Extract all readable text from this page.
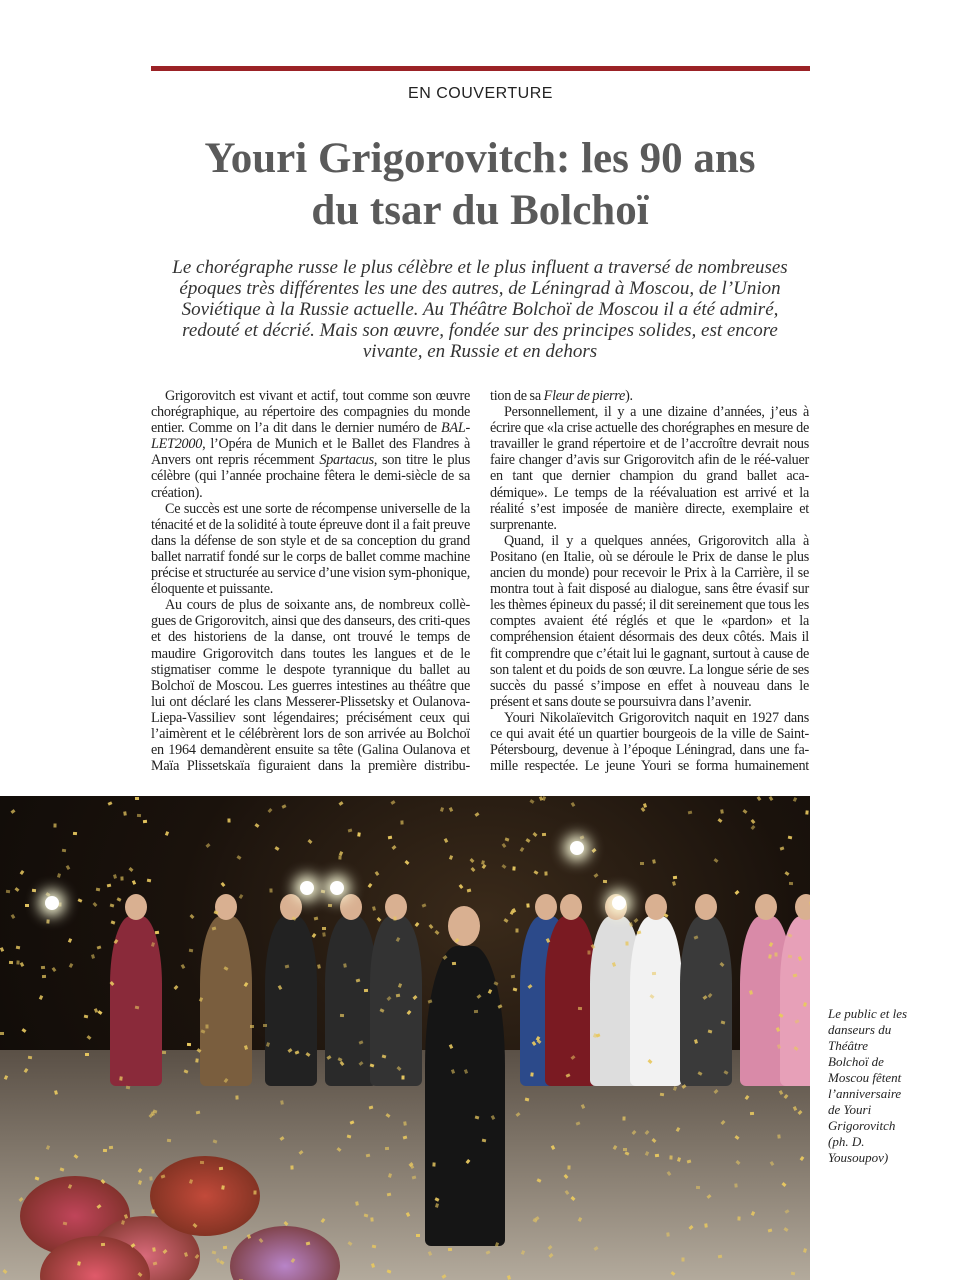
EN COUVERTURE
Youri Grigorovitch: les 90 ans
du tsar du Bolchoï

Le chorégraphe russe le plus célèbre et le plus influent a traversé de nombreuses époques très différentes les une des autres, de Léningrad à Moscou, de l’Union Soviétique à la Russie actuelle. Au Théâtre Bolchoï de Moscou il a été admiré, redouté et décrié. Mais son œuvre, fondée sur des principes solides, est encore vivante, en Russie et en dehors

Grigorovitch est vivant et actif, tout comme son œuvre chorégraphique, au répertoire des compagnies du monde entier. Comme on l’a dit dans le dernier numéro de BAL-LET2000, l’Opéra de Munich et le Ballet des Flandres à Anvers ont repris récemment Spartacus, son titre le plus célèbre (qui l’année prochaine fêtera le demi-siècle de sa création).

Ce succès est une sorte de récompense universelle de la ténacité et de la solidité à toute épreuve dont il a fait preuve dans la défense de son style et de sa conception du grand ballet narratif fondé sur le corps de ballet comme machine précise et structurée au service d’une vision sym-phonique, éloquente et puissante.

Au cours de plus de soixante ans, de nombreux collè-gues de Grigorovitch, ainsi que des danseurs, des criti-ques et des historiens de la danse, ont trouvé le temps de maudire Grigorovitch dans toutes les langues et de le stigmatiser comme le despote tyrannique du ballet au Bolchoï de Moscou. Les guerres intestines au théâtre que lui ont déclaré les clans Messerer-Plissetsky et Oulanova-Liepa-Vassiliev sont légendaires; précisément ceux qui l’aimèrent et le célébrèrent lors de son arrivée au Bolchoï en 1964 demandèrent ensuite sa tête (Galina Oulanova et Maïa Plissetskaïa figuraient dans la première distribu-

tion de sa Fleur de pierre).

Personnellement, il y a une dizaine d’années, j’eus à écrire que «la crise actuelle des chorégraphes en mesure de travailler le grand répertoire et de l’accroître devrait nous faire changer d’avis sur Grigorovitch afin de le réé-valuer en tant que dernier champion du grand ballet aca-démique». Le temps de la réévaluation est arrivé et la réalité s’est imposée de manière directe, exemplaire et surprenante.

Quand, il y a quelques années, Grigorovitch alla à Positano (en Italie, où se déroule le Prix de danse le plus ancien du monde) pour recevoir le Prix à la Carrière, il se montra tout à fait disposé au dialogue, sans être évasif sur les thèmes épineux du passé; il dit sereinement que tous les comptes avaient été réglés et que le «pardon» et la compréhension étaient désormais des deux côtés. Mais il fit comprendre que c’était lui le gagnant, surtout à cause de son talent et du poids de son œuvre. La longue série de ses succès du passé s’impose en effet à nouveau dans le présent et sans doute se poursuivra dans l’avenir.

Youri Nikolaïevitch Grigorovitch naquit en 1927 dans ce qui avait été un quartier bourgeois de la ville de Saint-Pétersbourg, devenue à l’époque Léningrad, dans une fa-mille respectée. Le jeune Youri se forma humainement

Le public et les danseurs du Théâtre Bolchoï de Moscou fêtent l’anniversaire de Youri Grigorovitch (ph. D. Yousoupov)
